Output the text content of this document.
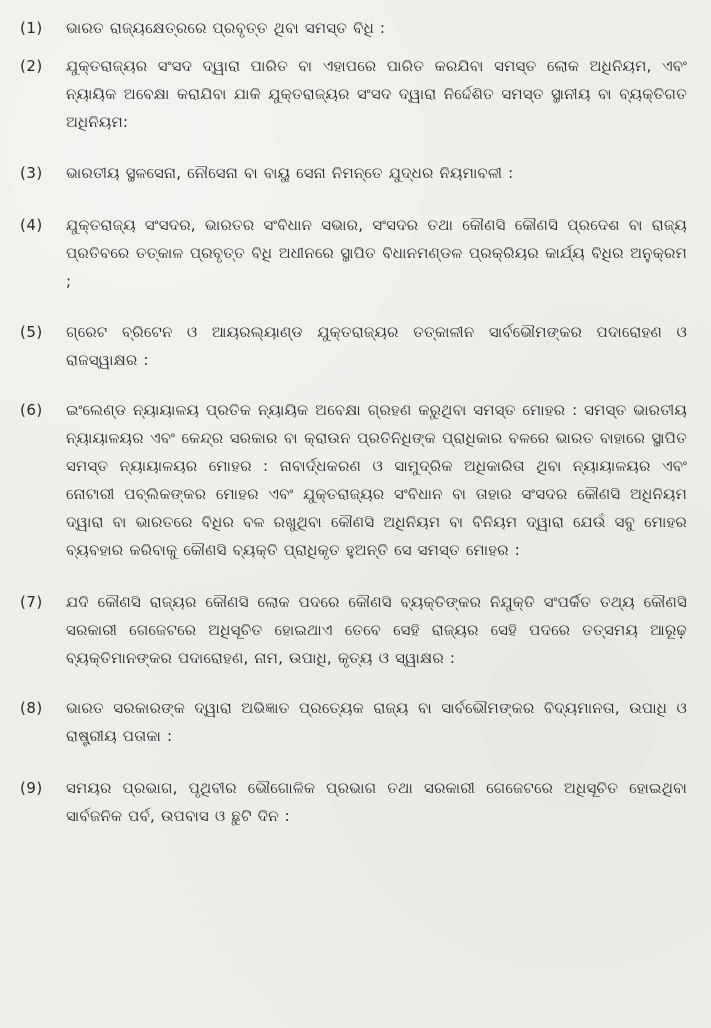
(1)	ଭାରତ ରାଜ୍ୟକ୍ଷେତ୍ରରେ ପ୍ରବୃତ୍ତ ଥିବା ସମସ୍ତ ବିଧି :
(2)	ଯୁକ୍ତରାଜ୍ୟର ସଂସଦ ଦ୍ୱାରା ପାରିତ ବା ଏହାପରେ ପାରିତ କରଯିବା ସମସ୍ତ ଲୋକ ଅଧିନିୟମ, ଏବଂ ନ୍ୟାୟିକ ଅବେକ୍ଷା କରାଯିବା ଯାକି ଯୁକ୍ତରାଜ୍ୟର ସଂସଦ ଦ୍ୱାରା ନିର୍ଦ୍ଦେଶିତ ସମସ୍ତ ସ୍ଥାନୀୟ ବା ବ୍ୟକ୍ତିଗତ ଅଧିନିୟମ:
(3)	ଭାରତୀୟ ସ୍ଥଳସେନା, ନୌସେନା ବା ବାୟୁ ସେନା ନିମନ୍ତେ ଯୁଦ୍ଧର ନିୟମାବଳୀ :
(4)	ଯୁକ୍ତରାଜ୍ୟ ସଂସଦର, ଭାରତର ସଂବିଧାନ ସଭାର, ସଂସଦର ତଥା କୌଣସି କୌଣସି ପ୍ରଦେଶ ବା ରାଜ୍ୟ ପ୍ରତିବରେ ତତ୍କାଳ ପ୍ରବୃତ୍ତ ବିଧି ଅଧୀନରେ ସ୍ଥାପିତ ବିଧାନମଣ୍ଡଳ ପ୍ରକ୍ରିୟର କାର୍ଯ୍ୟ ବିଧିର ଅନୁକ୍ରମ ;
(5)	ଗ୍ରେଟ ବ୍ରିଟେନ ଓ ଆୟରଲ୍ୟାଣ୍ଡ ଯୁକ୍ତରାଜ୍ୟର ତତ୍କାଳୀନ ସାର୍ବଭୌମଙ୍କର ପଦାରୋହଣ ଓ ରାଜସ୍ୱାକ୍ଷର :
(6)	ଇଂଲେଣ୍ଡ ନ୍ୟାୟାଳୟ ପ୍ରତିକ ନ୍ୟାୟିକ ଅବେକ୍ଷା ଗ୍ରହଣ କରୁଥିବା ସମସ୍ତ ମୋହର : ସମସ୍ତ ଭାରତୀୟ ନ୍ୟାୟାଳୟର ଏବଂ କେନ୍ଦ୍ର ସରକାର ବା କ୍ରାଉନ ପ୍ରତିନିଧିଙ୍କ ପ୍ରାଧିକାର ବଳରେ ଭାରତ ବାହାରେ ସ୍ଥାପିତ ସମସ୍ତ ନ୍ୟାୟାଳୟର ମୋହର : ନାବାର୍ଦ୍ଧକରଣ ଓ ସାମୁଦ୍ରିକ ଅଧିକାରିତା ଥିବା ନ୍ୟାୟାଳୟର ଏବଂ ନୋଟାରୀ ପବ୍ଲିକଙ୍କର ମୋହର ଏବଂ ଯୁକ୍ତରାଜ୍ୟର ସଂବିଧାନ ବା ତାହାର ସଂସଦର କୌଣସି ଅଧିନିୟମ ଦ୍ୱାରା ବା ଭାରତରେ ବିଧିର ବଳ ରଖୁଥିବା କୌଣସି ଅଧିନିୟମ ବା ବିନିୟମ ଦ୍ୱାରା ଯେଉଁ ସବୁ ମୋହର ବ୍ୟବହାର କରିବାକୁ କୌଣସି ବ୍ୟକ୍ତି ପ୍ରାଧିକୃତ ହୁଅନ୍ତି ସେ ସମସ୍ତ ମୋହର :
(7)	ଯଦି କୌଣସି ରାଜ୍ୟର କୌଣସି ଲୋକ ପଦରେ କୌଣସି ବ୍ୟକ୍ତିଙ୍କର ନିଯୁକ୍ତି ସଂପର୍କିତ ତଥ୍ୟ କୌଣସି ସରକାରୀ ଗେଜେଟରେ ଅଧିସୂଚିତ ହୋଇଥାଏ ତେବେ ସେହି ରାଜ୍ୟର ସେହି ପଦରେ ତତ୍ସମୟ ଆରୂଢ଼ ବ୍ୟକ୍ତିମାନଙ୍କର ପଦାରୋହଣ, ନାମ, ଉପାଧି, କୃତ୍ୟ ଓ ସ୍ୱାକ୍ଷର :
(8)	ଭାରତ ସରକାରଙ୍କ ଦ୍ୱାରା ଅଭିଜ୍ଞାତ ପ୍ରତ୍ୟେକ ରାଜ୍ୟ ବା ସାର୍ବଭୌମଙ୍କର ବିଦ୍ୟମାନତା, ଉପାଧି ଓ ରାଷ୍ଟ୍ରୀୟ ପତାକା :
(9)	ସମୟର ପ୍ରଭାଗ, ପୃଥିବୀର ଭୌଗୋଳିକ ପ୍ରଭାଗ ତଥା ସରକାରୀ ଗେଜେଟରେ ଅଧିସୂଚିତ ହୋଇଥିବା ସାର୍ବଜନିକ ପର୍ବ, ଉପବାସ ଓ ଛୁଟି ଦିନ :
